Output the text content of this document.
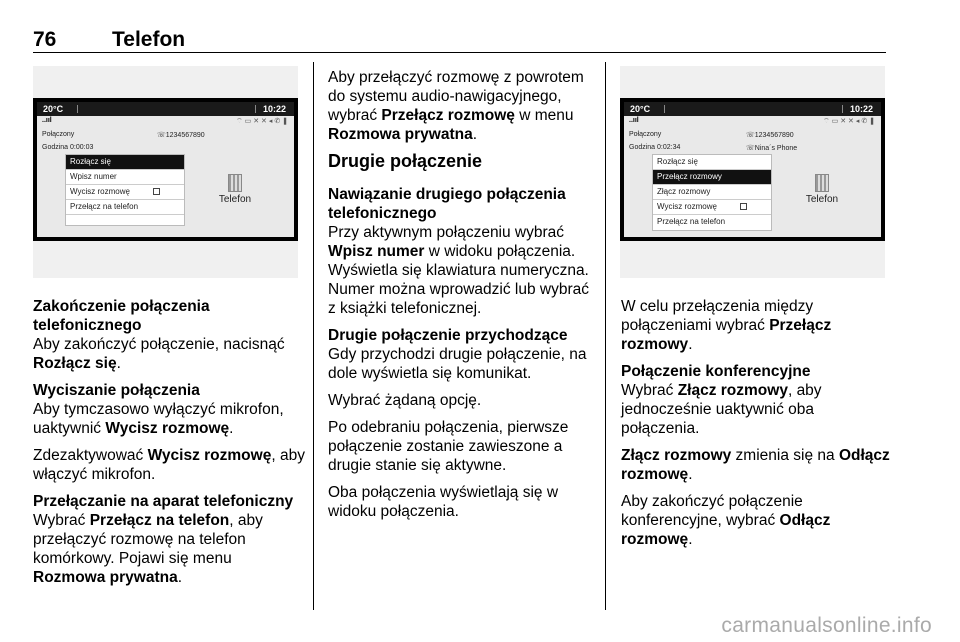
76	Telefon
20°C	10:22
..ııl	⌔ ▭ ✕ ✕ ◂ ✆ ❚
Połączony	☏1234567890
Godzina 0:00:03
Rozłącz się
Wpisz numer
Wycisz rozmowę
Przełącz na telefon
Telefon
Zakończenie połączenia telefonicznego

Aby zakończyć połączenie, nacisnąć Rozłącz się.

Wyciszanie połączenia

Aby tymczasowo wyłączyć mikrofon, uaktywnić Wycisz rozmowę.

Zdezaktywować Wycisz rozmowę, aby włączyć mikrofon.

Przełączanie na aparat telefoniczny

Wybrać Przełącz na telefon, aby przełączyć rozmowę na telefon komórkowy. Pojawi się menu Rozmowa prywatna.

Aby przełączyć rozmowę z powrotem do systemu audio-nawigacyjnego, wybrać Przełącz rozmowę w menu Rozmowa prywatna.

Drugie połączenie
Nawiązanie drugiego połączenia telefonicznego

Przy aktywnym połączeniu wybrać Wpisz numer w widoku połączenia. Wyświetla się klawiatura numeryczna. Numer można wprowadzić lub wybrać z książki telefonicznej.

Drugie połączenie przychodzące

Gdy przychodzi drugie połączenie, na dole wyświetla się komunikat.

Wybrać żądaną opcję.

Po odebraniu połączenia, pierwsze połączenie zostanie zawieszone a drugie stanie się aktywne.

Oba połączenia wyświetlają się w widoku połączenia.

20°C	10:22
..ııl	⌔ ▭ ✕ ✕ ◂ ✆ ❚
Połączony	☏1234567890
Godzina 0:02:34	☏Nina´s Phone
Rozłącz się
Przełącz rozmowy
Złącz rozmowy
Wycisz rozmowę
Przełącz na telefon
Telefon

W celu przełączenia między połączeniami wybrać Przełącz rozmowy.

Połączenie konferencyjne

Wybrać Złącz rozmowy, aby jednocześnie uaktywnić oba połączenia.

Złącz rozmowy zmienia się na Odłącz rozmowę.

Aby zakończyć połączenie konferencyjne, wybrać Odłącz rozmowę.

carmanualsonline.info
